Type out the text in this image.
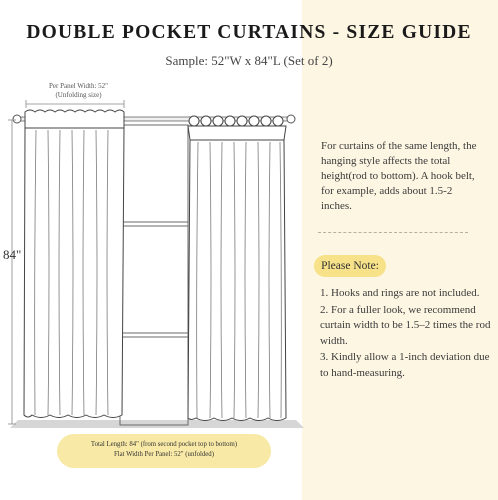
DOUBLE POCKET CURTAINS - SIZE GUIDE
Sample: 52"W x 84"L (Set of 2)
Per Panel Width: 52"
(Unfolding size)
84"
For curtains of the same length, the hanging style affects the total height(rod to bottom). A hook belt, for example, adds about 1.5-2 inches.
Please Note:
1. Hooks and rings are not included.
2. For a fuller look, we recommend curtain width to be 1.5–2 times the rod width.
3. Kindly allow a 1-inch deviation due to hand-measuring.
Total Length: 84" (from second pocket top to bottom)
Flat Width Per Panel: 52" (unfolded)
